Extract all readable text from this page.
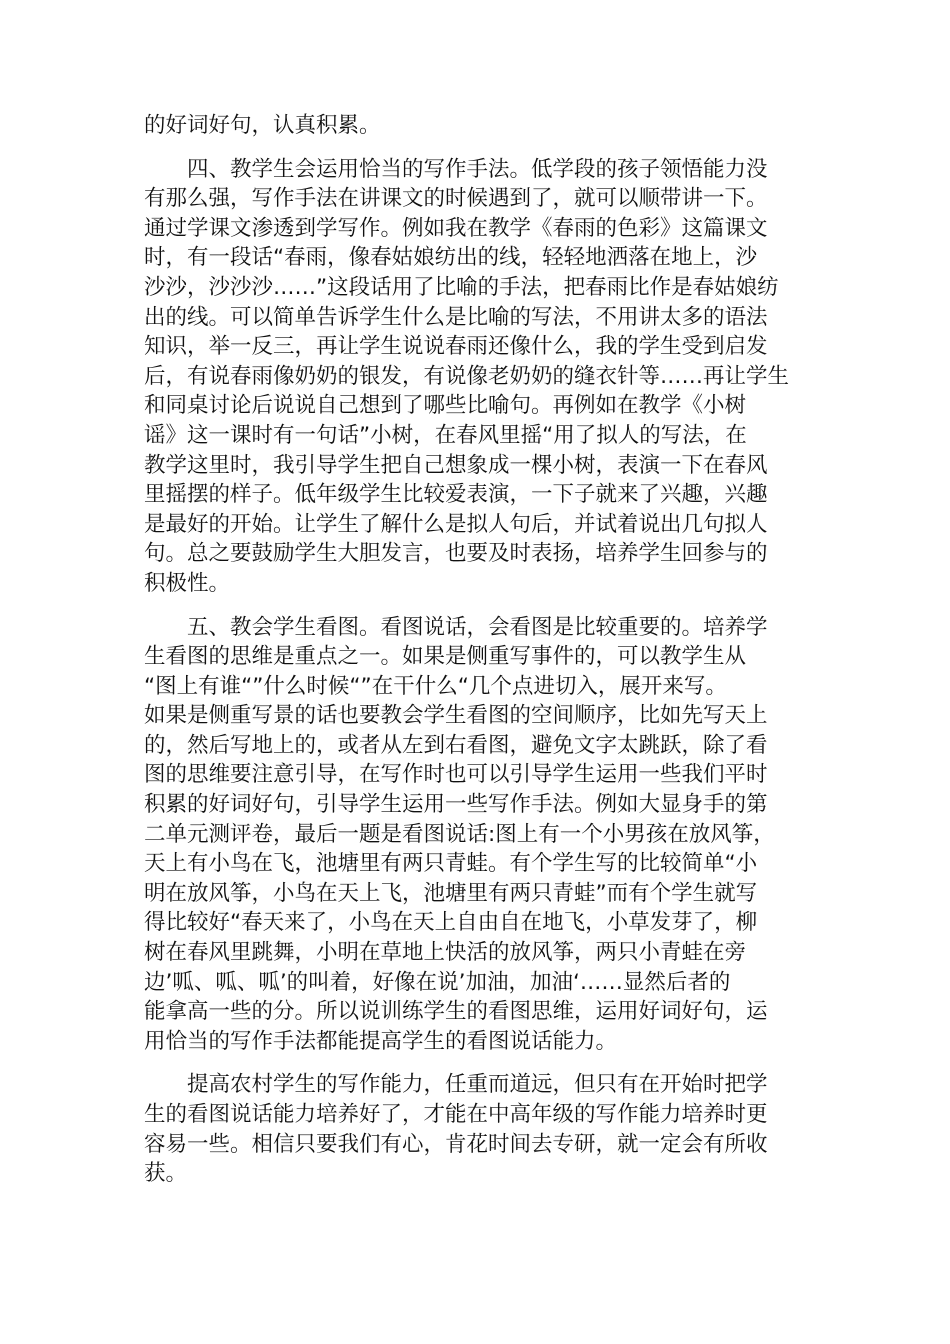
的好词好句，认真积累。
　　四、教学生会运用恰当的写作手法。低学段的孩子领悟能力没
有那么强，写作手法在讲课文的时候遇到了，就可以顺带讲一下。
通过学课文渗透到学写作。例如我在教学《春雨的色彩》这篇课文
时，有一段话“春雨，像春姑娘纺出的线，轻轻地洒落在地上，沙
沙沙，沙沙沙……”这段话用了比喻的手法，把春雨比作是春姑娘纺
出的线。可以简单告诉学生什么是比喻的写法，不用讲太多的语法
知识，举一反三，再让学生说说春雨还像什么，我的学生受到启发
后，有说春雨像奶奶的银发，有说像老奶奶的缝衣针等……再让学生
和同桌讨论后说说自己想到了哪些比喻句。再例如在教学《小树
谣》这一课时有一句话”小树，在春风里摇“用了拟人的写法，在
教学这里时，我引导学生把自己想象成一棵小树，表演一下在春风
里摇摆的样子。低年级学生比较爱表演，一下子就来了兴趣，兴趣
是最好的开始。让学生了解什么是拟人句后，并试着说出几句拟人
句。总之要鼓励学生大胆发言，也要及时表扬，培养学生回参与的
积极性。
　　五、教会学生看图。看图说话，会看图是比较重要的。培养学
生看图的思维是重点之一。如果是侧重写事件的，可以教学生从
“图上有谁“”什么时候“”在干什么“几个点进切入，展开来写。
如果是侧重写景的话也要教会学生看图的空间顺序，比如先写天上
的，然后写地上的，或者从左到右看图，避免文字太跳跃，除了看
图的思维要注意引导，在写作时也可以引导学生运用一些我们平时
积累的好词好句，引导学生运用一些写作手法。例如大显身手的第
二单元测评卷，最后一题是看图说话:图上有一个小男孩在放风筝，
天上有小鸟在飞，池塘里有两只青蛙。有个学生写的比较简单“小
明在放风筝，小鸟在天上飞，池塘里有两只青蛙”而有个学生就写
得比较好“春天来了，小鸟在天上自由自在地飞，小草发芽了，柳
树在春风里跳舞，小明在草地上快活的放风筝，两只小青蛙在旁
边’呱、呱、呱’的叫着，好像在说’加油，加油‘……显然后者的
能拿高一些的分。所以说训练学生的看图思维，运用好词好句，运
用恰当的写作手法都能提高学生的看图说话能力。
　　提高农村学生的写作能力，任重而道远，但只有在开始时把学
生的看图说话能力培养好了，才能在中高年级的写作能力培养时更
容易一些。相信只要我们有心，肯花时间去专研，就一定会有所收
获。
